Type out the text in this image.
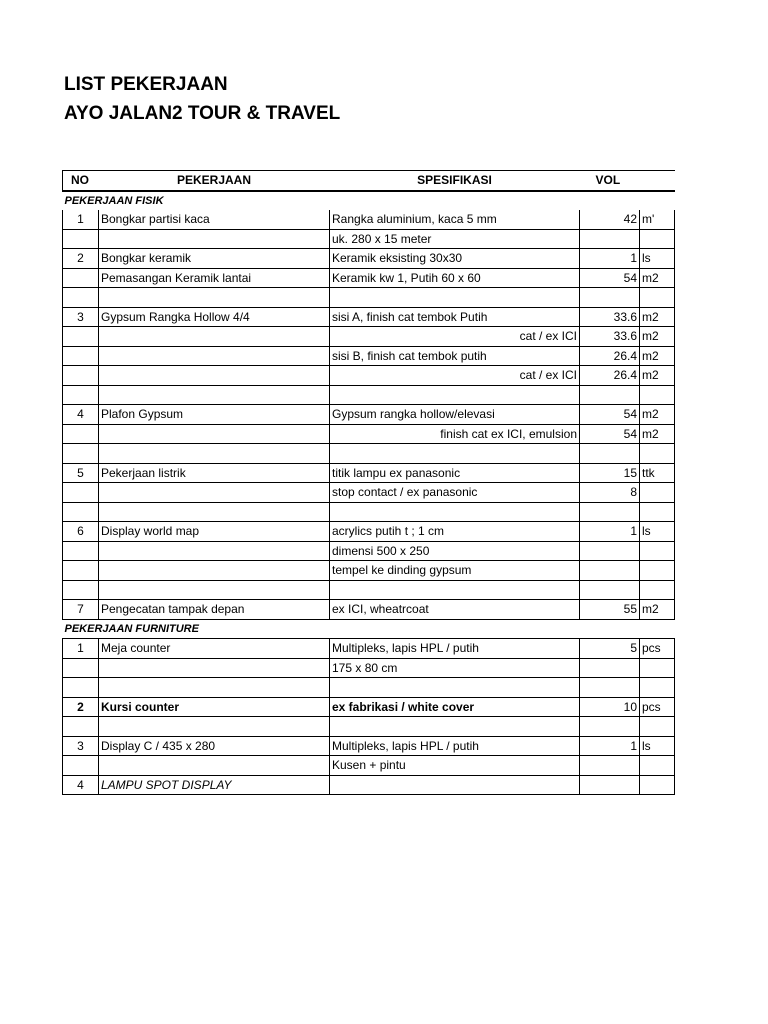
LIST PEKERJAAN
AYO JALAN2 TOUR & TRAVEL
NO	PEKERJAAN	SPESIFIKASI	VOL	
PEKERJAAN FISIK				
1	Bongkar partisi kaca	Rangka aluminium, kaca 5 mm	42	m'
		uk. 280 x 15 meter		
2	Bongkar keramik	Keramik eksisting 30x30	1	ls
	Pemasangan Keramik lantai	Keramik kw 1, Putih 60 x 60	54	m2

3	Gypsum Rangka Hollow 4/4	sisi A, finish cat tembok Putih	33.6	m2
		cat / ex ICI	33.6	m2
		sisi B, finish cat tembok putih	26.4	m2
		cat / ex ICI	26.4	m2

4	Plafon Gypsum	Gypsum rangka hollow/elevasi	54	m2
		finish cat ex ICI, emulsion	54	m2

5	Pekerjaan listrik	titik lampu ex panasonic	15	ttk
		stop contact / ex panasonic	8	

6	Display world map	acrylics putih t ; 1 cm	1	ls
		dimensi 500 x 250		
		tempel ke dinding gypsum		

7	Pengecatan tampak depan	ex ICI, wheatrcoat	55	m2
PEKERJAAN FURNITURE				
1	Meja counter	Multipleks, lapis HPL / putih	5	pcs
		175 x 80 cm		

2	Kursi counter	ex fabrikasi / white cover	10	pcs

3	Display C / 435 x 280	Multipleks, lapis HPL / putih	1	ls
		Kusen + pintu		
4	LAMPU SPOT DISPLAY			
